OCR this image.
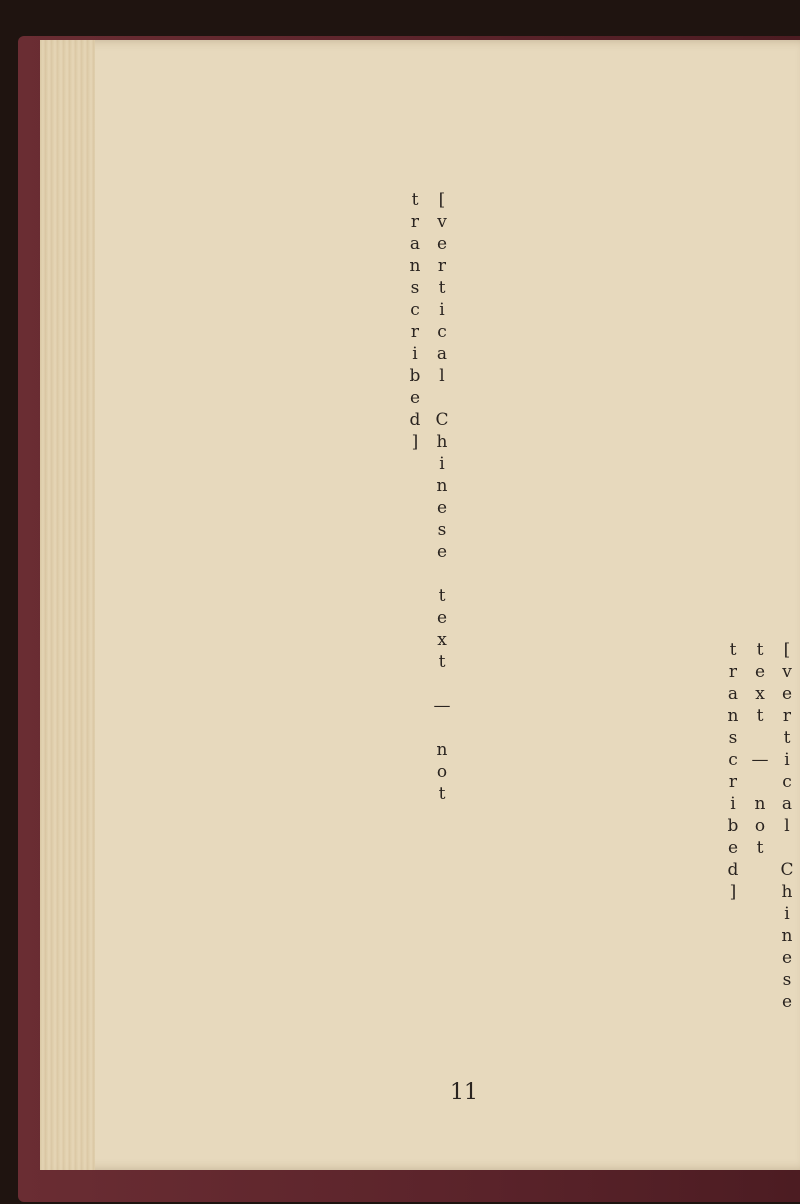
[vertical Chinese text — not transcribed]
[vertical Chinese text — not transcribed]
11
